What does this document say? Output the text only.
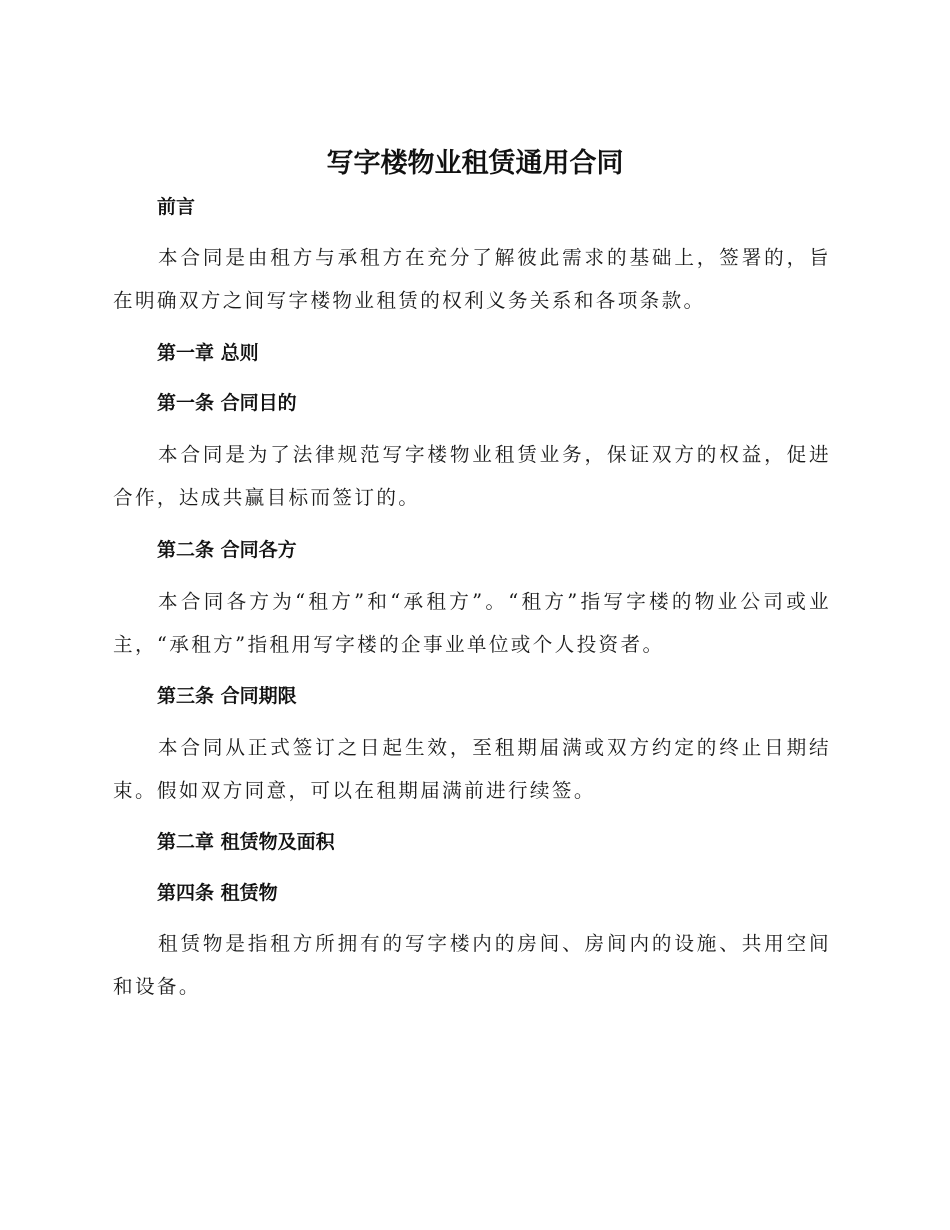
写字楼物业租赁通用合同
前言
本合同是由租方与承租方在充分了解彼此需求的基础上，签署的，旨在明确双方之间写字楼物业租赁的权利义务关系和各项条款。
第一章 总则
第一条 合同目的
本合同是为了法律规范写字楼物业租赁业务，保证双方的权益，促进合作，达成共赢目标而签订的。
第二条 合同各方
本合同各方为“租方”和“承租方”。“租方”指写字楼的物业公司或业主，“承租方”指租用写字楼的企事业单位或个人投资者。
第三条 合同期限
本合同从正式签订之日起生效，至租期届满或双方约定的终止日期结束。假如双方同意，可以在租期届满前进行续签。
第二章 租赁物及面积
第四条 租赁物
租赁物是指租方所拥有的写字楼内的房间、房间内的设施、共用空间和设备。
